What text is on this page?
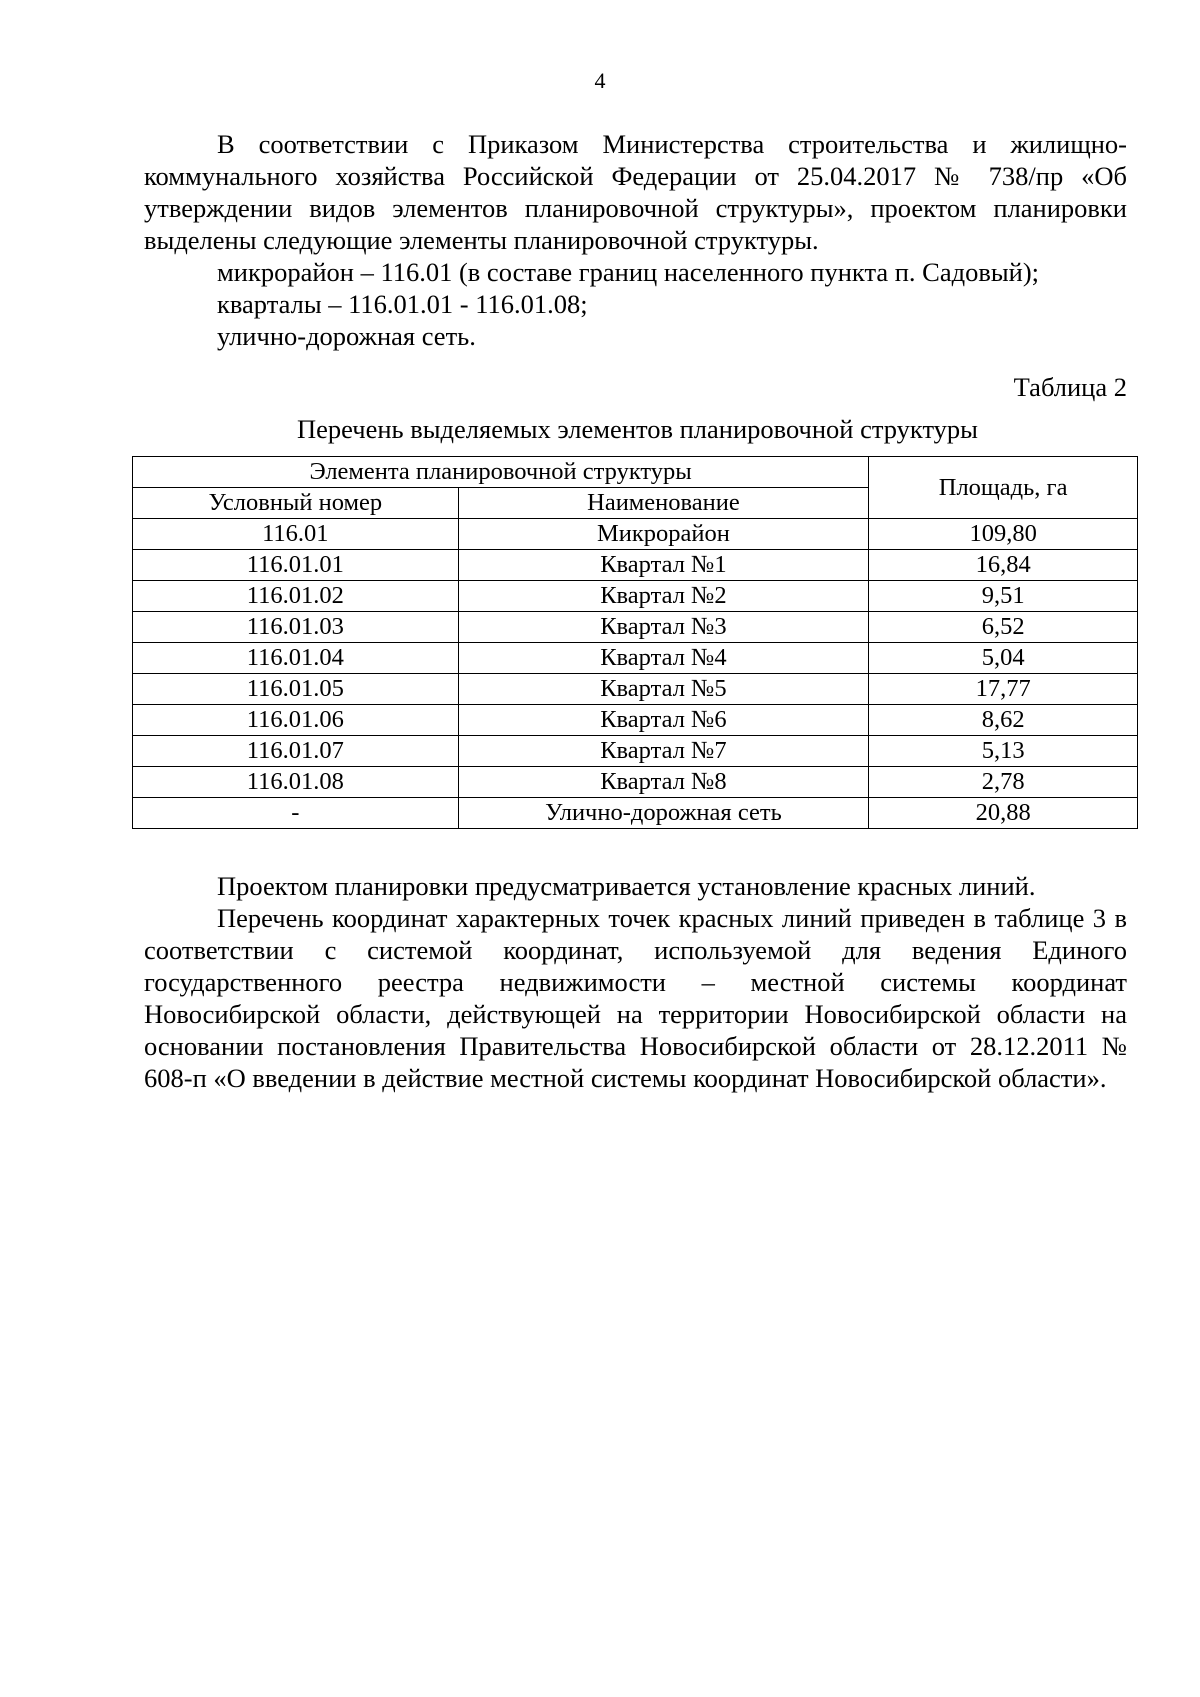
4

В соответствии с Приказом Министерства строительства и жилищно-коммунального хозяйства Российской Федерации от 25.04.2017 № 738/пр «Об утверждении видов элементов планировочной структуры», проектом планировки выделены следующие элементы планировочной структуры.

микрорайон – 116.01 (в составе границ населенного пункта п. Садовый);
кварталы – 116.01.01 - 116.01.08;
улично-дорожная сеть.
Таблица 2
Перечень выделяемых элементов планировочной структуры
Элемента планировочной структуры		Площадь, га
Условный номер	Наименование	
116.01	Микрорайон	109,80
116.01.01	Квартал №1	16,84
116.01.02	Квартал №2	9,51
116.01.03	Квартал №3	6,52
116.01.04	Квартал №4	5,04
116.01.05	Квартал №5	17,77
116.01.06	Квартал №6	8,62
116.01.07	Квартал №7	5,13
116.01.08	Квартал №8	2,78
-	Улично-дорожная сеть	20,88

Проектом планировки предусматривается установление красных линий.

Перечень координат характерных точек красных линий приведен в таблице 3 в соответствии с системой координат, используемой для ведения Единого государственного реестра недвижимости – местной системы координат Новосибирской области, действующей на территории Новосибирской области на основании постановления Правительства Новосибирской области от 28.12.2011 № 608-п «О введении в действие местной системы координат Новосибирской области».
